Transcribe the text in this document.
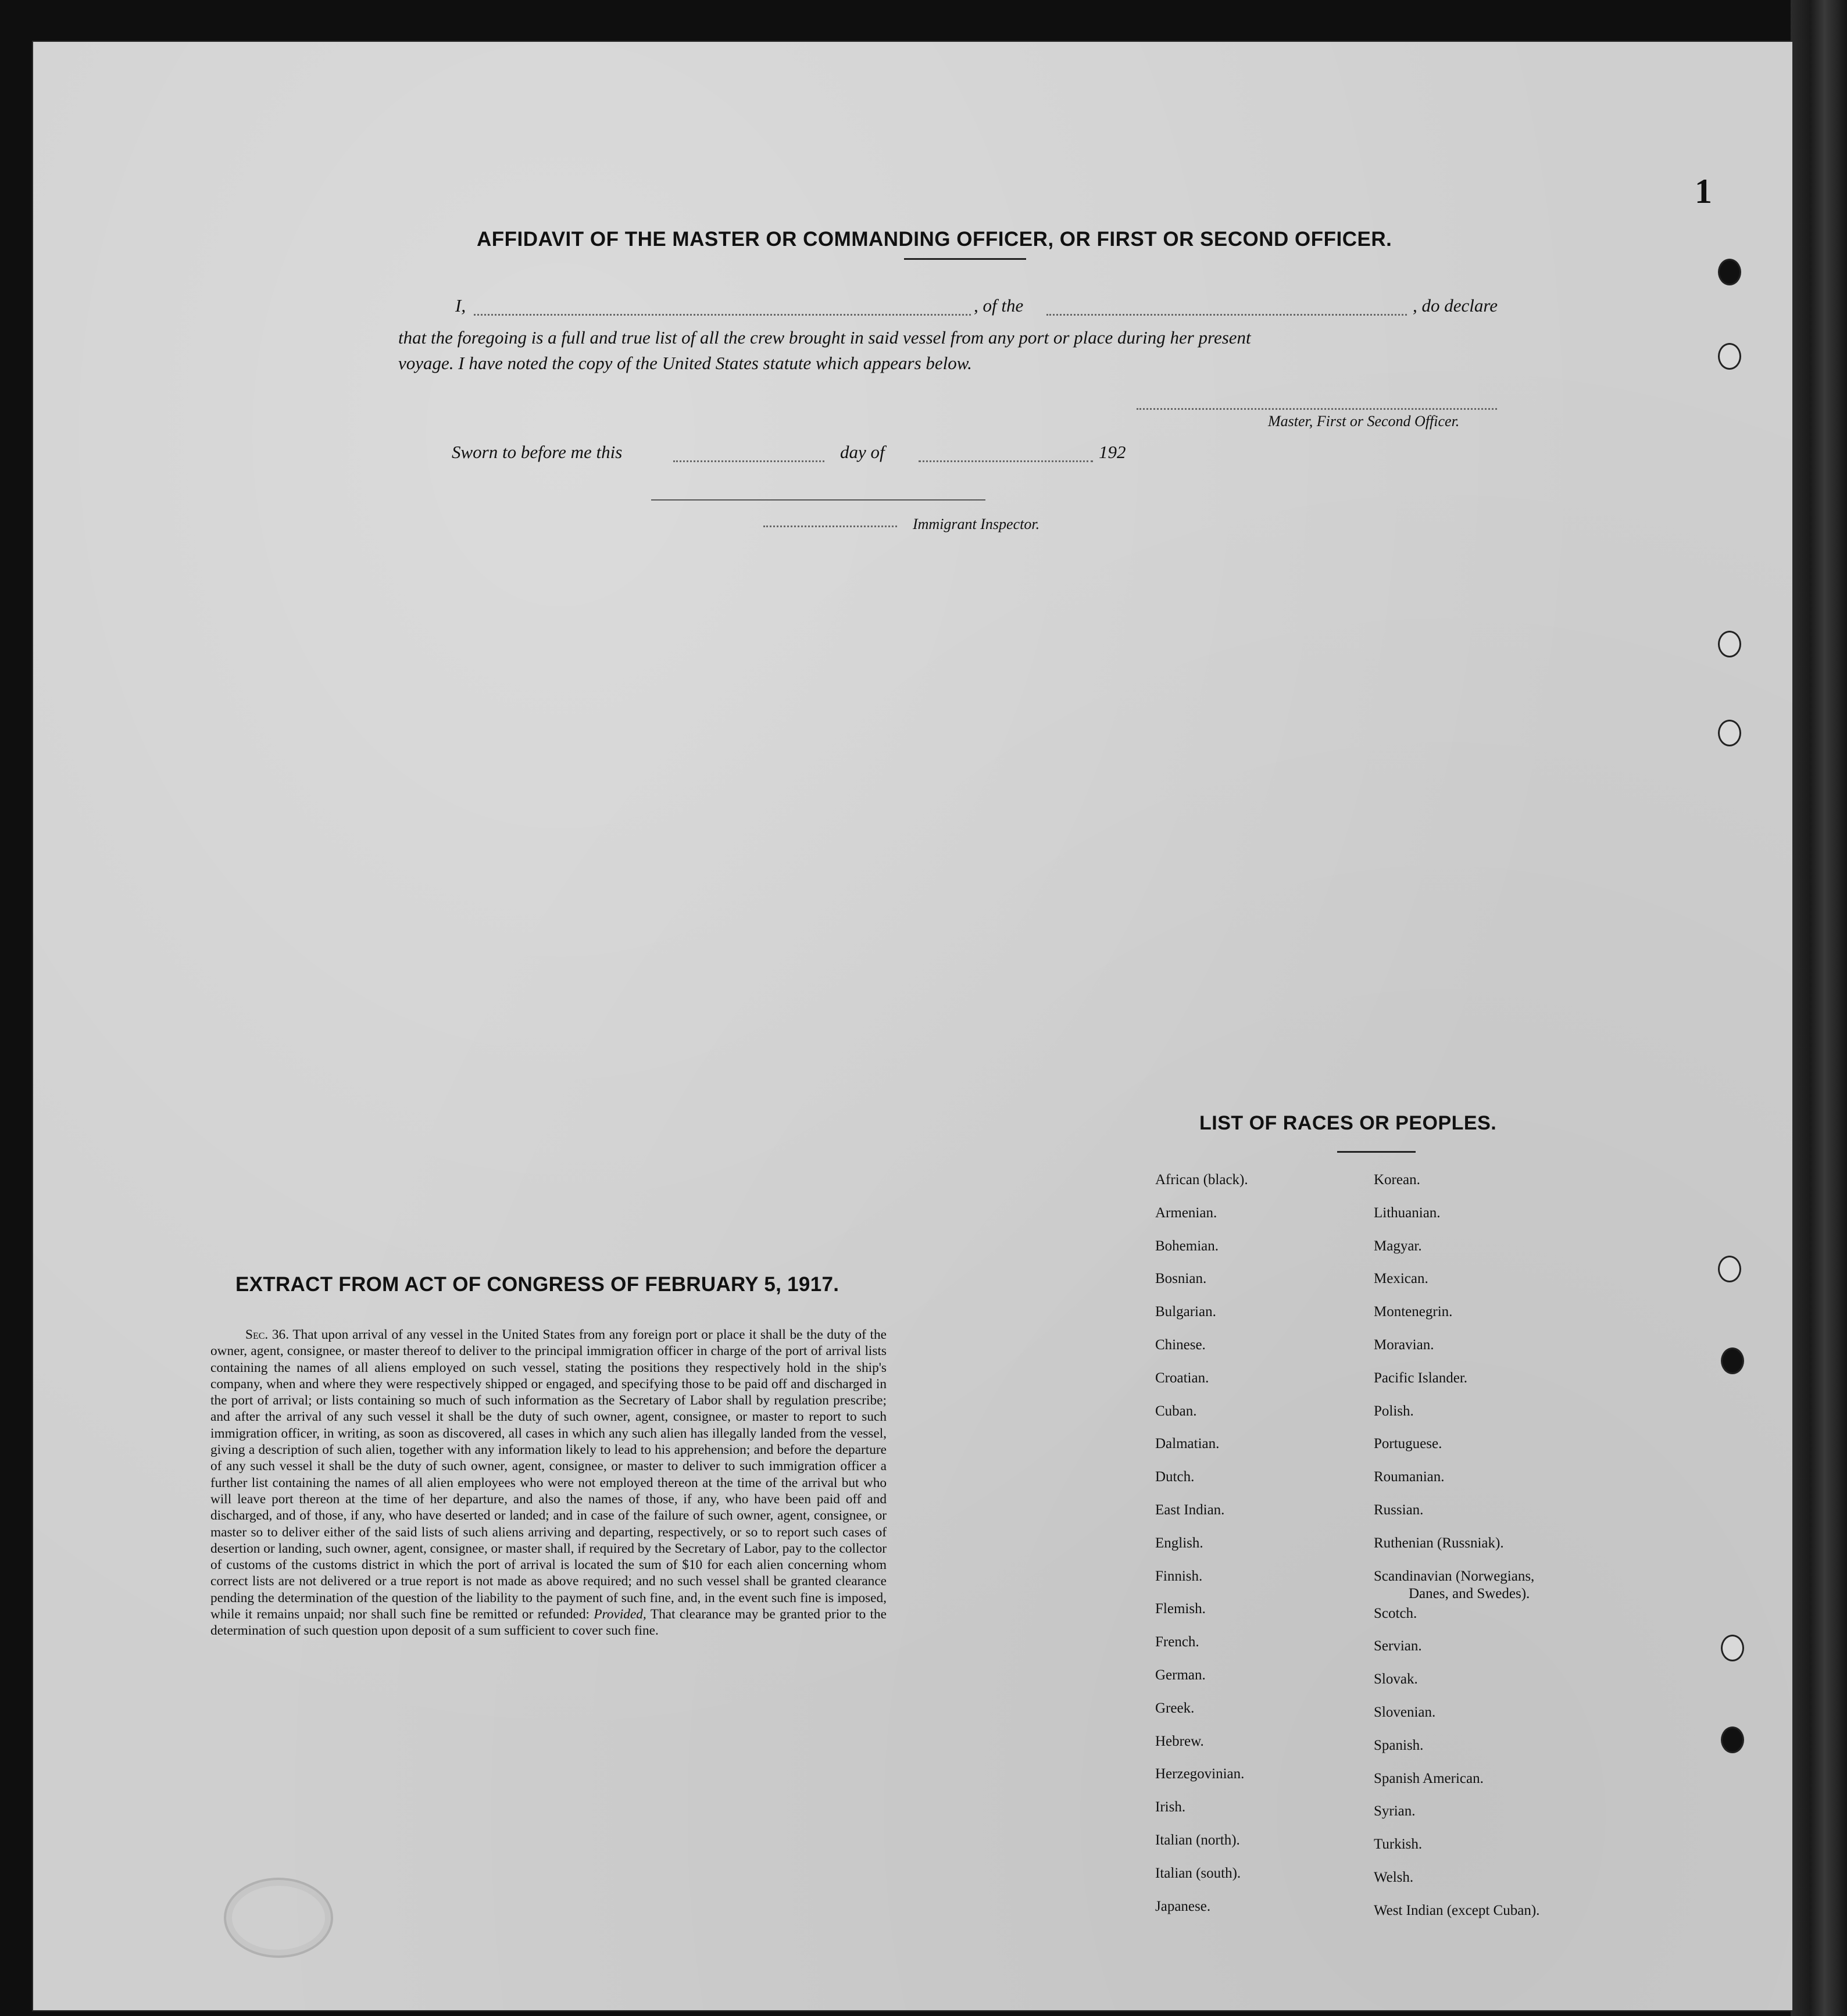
1
AFFIDAVIT OF THE MASTER OR COMMANDING OFFICER, OR FIRST OR SECOND OFFICER.
I,	, of the	, do declare
that the foregoing is a full and true list of all the crew brought in said vessel from any port or place during her present
voyage. I have noted the copy of the United States statute which appears below.
Master, First or Second Officer.
Sworn to before me this	day of	192
Immigrant Inspector.
LIST OF RACES OR PEOPLES.
African (black).
Armenian.
Bohemian.
Bosnian.
Bulgarian.
Chinese.
Croatian.
Cuban.
Dalmatian.
Dutch.
East Indian.
English.
Finnish.
Flemish.
French.
German.
Greek.
Hebrew.
Herzegovinian.
Irish.
Italian (north).
Italian (south).
Japanese.
Korean.
Lithuanian.
Magyar.
Mexican.
Montenegrin.
Moravian.
Pacific Islander.
Polish.
Portuguese.
Roumanian.
Russian.
Ruthenian (Russniak).
Scandinavian (Norwegians,
Danes, and Swedes).
Scotch.
Servian.
Slovak.
Slovenian.
Spanish.
Spanish American.
Syrian.
Turkish.
Welsh.
West Indian (except Cuban).
EXTRACT FROM ACT OF CONGRESS OF FEBRUARY 5, 1917.

Sec. 36. That upon arrival of any vessel in the United States from any foreign port or place it shall be the duty of the owner, agent, consignee, or master thereof to deliver to the principal immigration officer in charge of the port of arrival lists containing the names of all aliens employed on such vessel, stating the positions they respectively hold in the ship's company, when and where they were respectively shipped or engaged, and specifying those to be paid off and discharged in the port of arrival; or lists containing so much of such information as the Secretary of Labor shall by regulation prescribe; and after the arrival of any such vessel it shall be the duty of such owner, agent, consignee, or master to report to such immigration officer, in writing, as soon as discovered, all cases in which any such alien has illegally landed from the vessel, giving a description of such alien, together with any information likely to lead to his apprehension; and before the departure of any such vessel it shall be the duty of such owner, agent, consignee, or master to deliver to such immigration officer a further list containing the names of all alien employees who were not employed thereon at the time of the arrival but who will leave port thereon at the time of her departure, and also the names of those, if any, who have been paid off and discharged, and of those, if any, who have deserted or landed; and in case of the failure of such owner, agent, consignee, or master so to deliver either of the said lists of such aliens arriving and departing, respectively, or so to report such cases of desertion or landing, such owner, agent, consignee, or master shall, if required by the Secretary of Labor, pay to the collector of customs of the customs district in which the port of arrival is located the sum of $10 for each alien concerning whom correct lists are not delivered or a true report is not made as above required; and no such vessel shall be granted clearance pending the determination of the question of the liability to the payment of such fine, and, in the event such fine is imposed, while it remains unpaid; nor shall such fine be remitted or refunded: Provided, That clearance may be granted prior to the determination of such question upon deposit of a sum sufficient to cover such fine.
